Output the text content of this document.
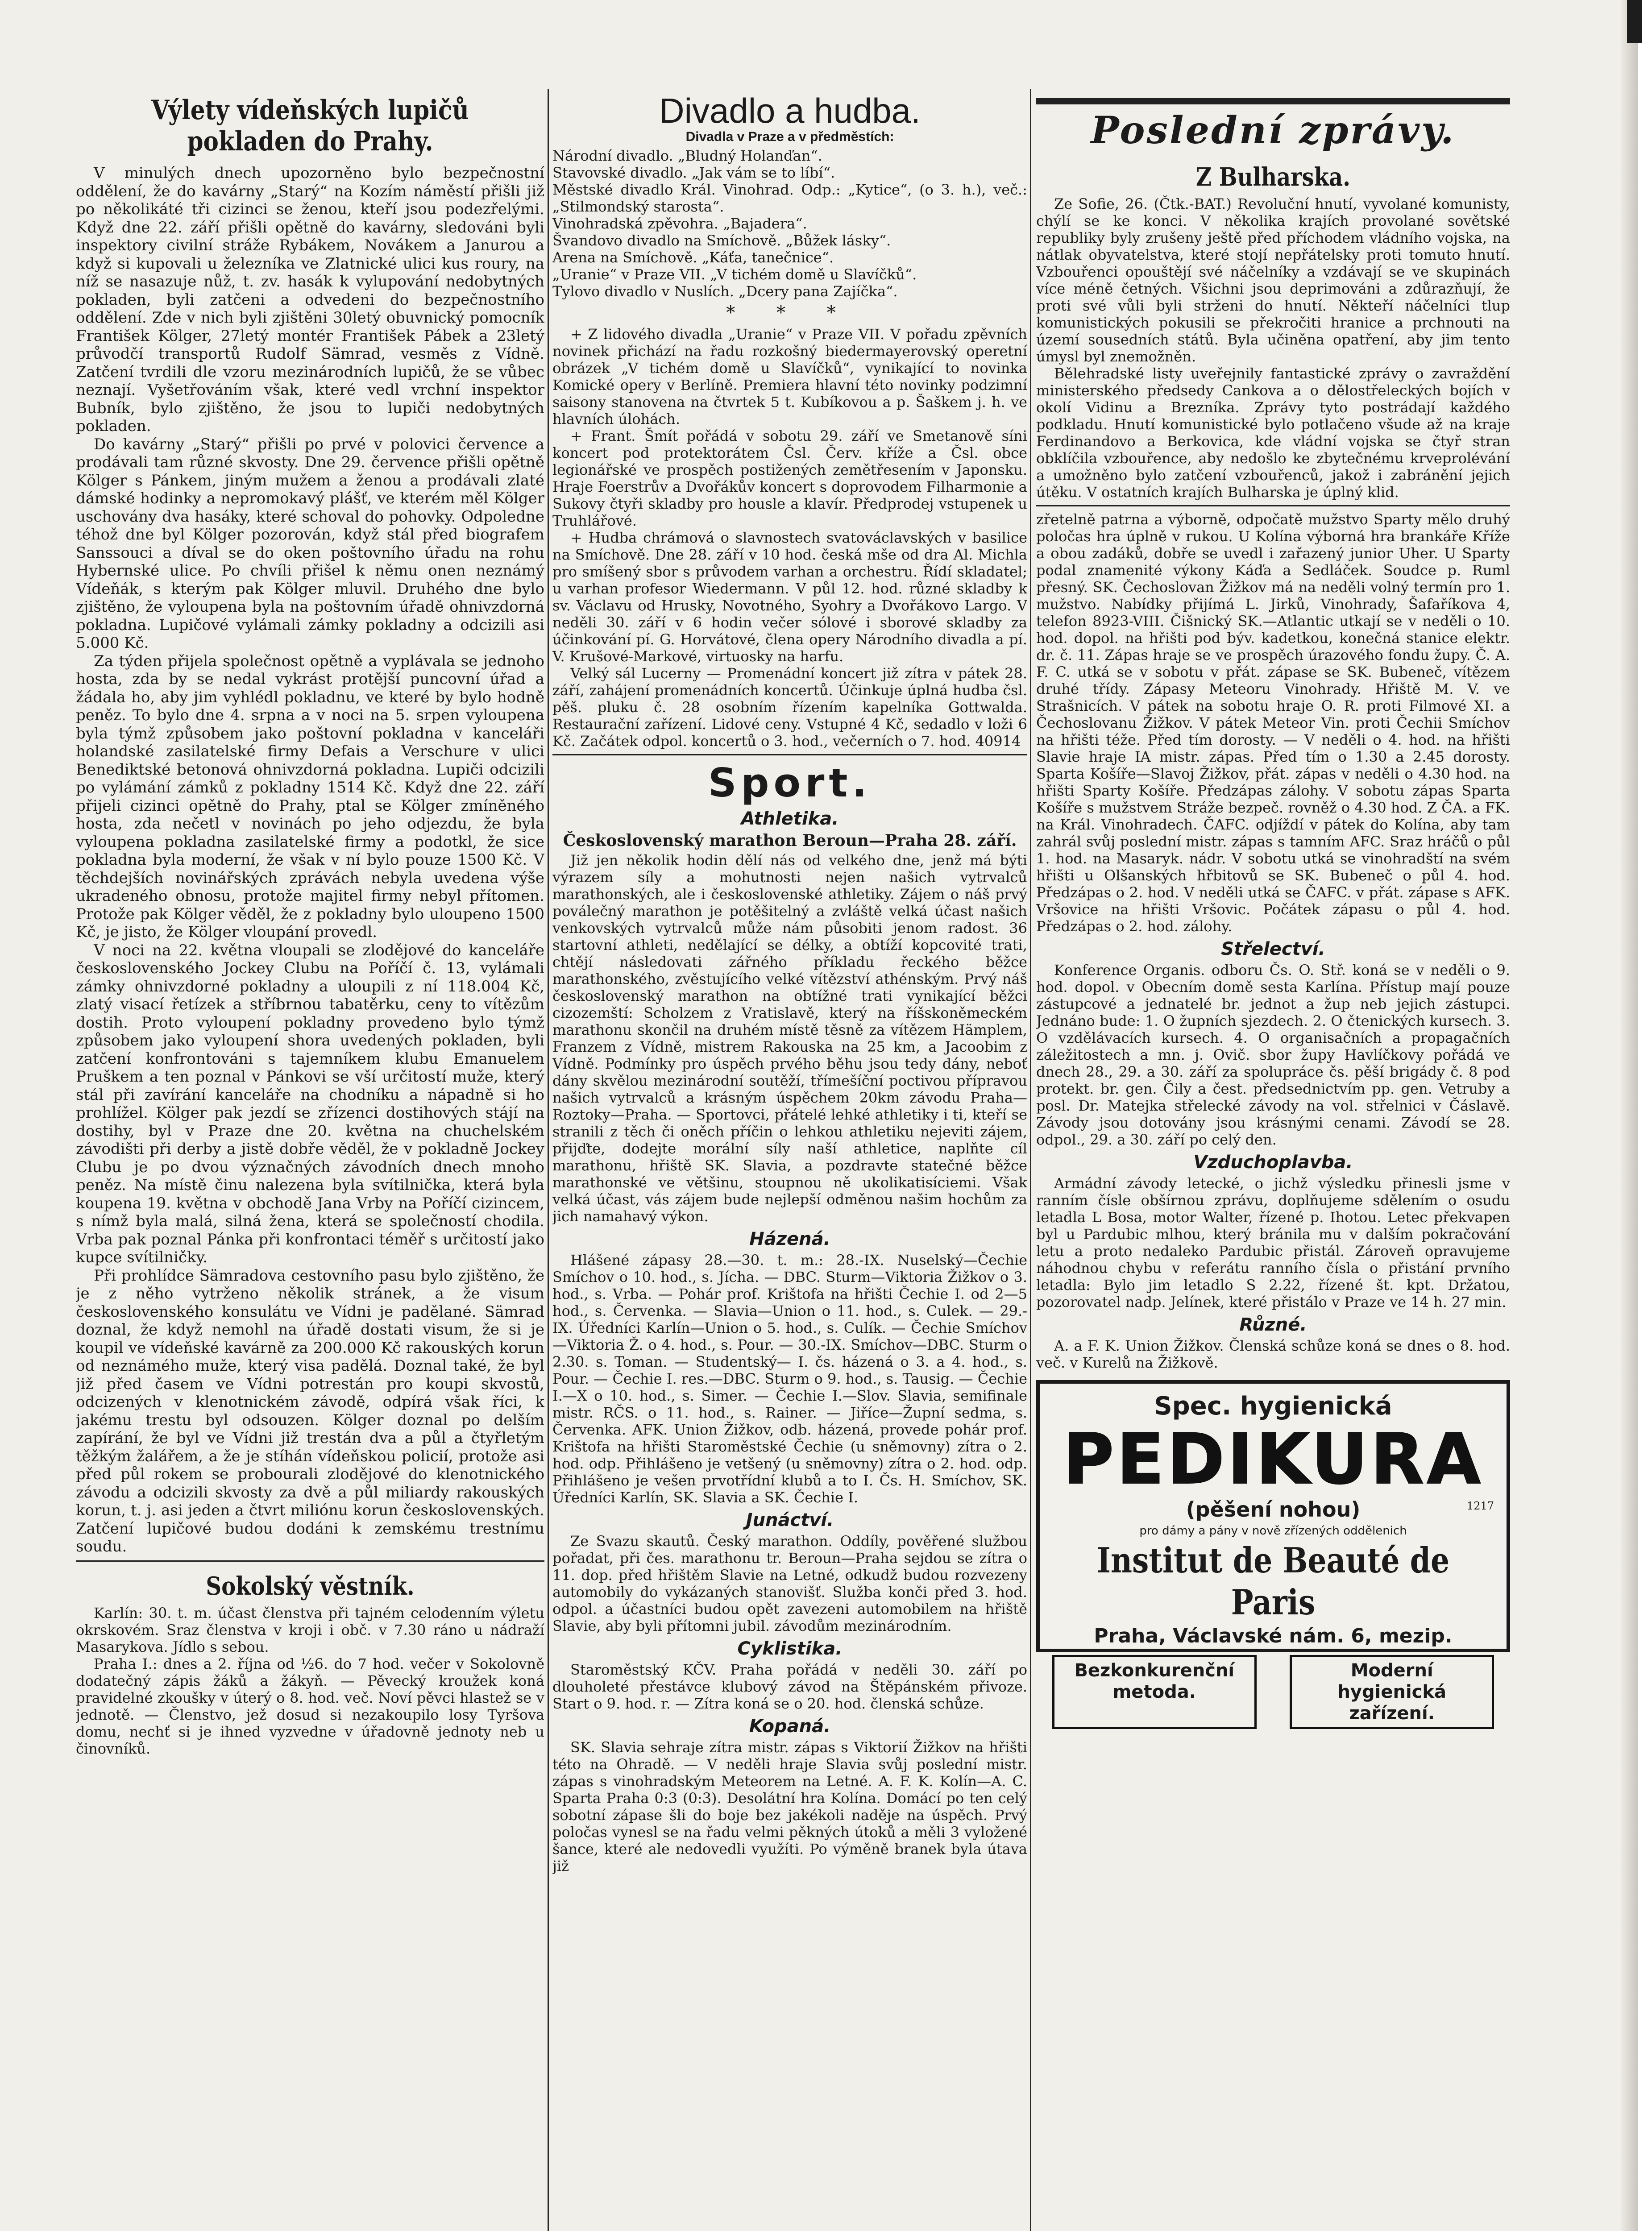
Výlety vídeňských lupičů pokladen do Prahy.

V minulých dnech upozorněno bylo bezpečnostní oddělení, že do kavárny „Starý“ na Kozím náměstí přišli již po několikáté tři cizinci se ženou, kteří jsou podezřelými. Když dne 22. září přišli opětně do kavárny, sledováni byli inspektory civilní stráže Rybákem, Novákem a Janurou a když si kupovali u železníka ve Zlatnické ulici kus roury, na níž se nasazuje nůž, t. zv. hasák k vylupování nedobytných pokladen, byli zatčeni a odvedeni do bezpečnostního oddělení. Zde v nich byli zjištěni 30letý obuvnický pomocník František Kölger, 27letý montér František Pábek a 23letý průvodčí transportů Rudolf Sämrad, vesměs z Vídně. Zatčení tvrdili dle vzoru mezinárodních lupičů, že se vůbec neznají. Vyšetřováním však, které vedl vrchní inspektor Bubník, bylo zjištěno, že jsou to lupiči nedobytných pokladen.

Do kavárny „Starý“ přišli po prvé v polovici července a prodávali tam různé skvosty. Dne 29. července přišli opětně Kölger s Pánkem, jiným mužem a ženou a prodávali zlaté dámské hodinky a nepromokavý plášť, ve kterém měl Kölger uschovány dva hasáky, které schoval do pohovky. Odpoledne téhož dne byl Kölger pozorován, když stál před biografem Sanssouci a díval se do oken poštovního úřadu na rohu Hybernské ulice. Po chvíli přišel k němu onen neznámý Vídeňák, s kterým pak Kölger mluvil. Druhého dne bylo zjištěno, že vyloupena byla na poštovním úřadě ohnivzdorná pokladna. Lupičové vylámali zámky pokladny a odcizili asi 5.000 Kč.

Za týden přijela společnost opětně a vyplávala se jednoho hosta, zda by se nedal vykrást protější puncovní úřad a žádala ho, aby jim vyhlédl pokladnu, ve které by bylo hodně peněz. To bylo dne 4. srpna a v noci na 5. srpen vyloupena byla týmž způsobem jako poštovní pokladna v kanceláři holandské zasilatelské firmy Defais a Verschure v ulici Benediktské betonová ohnivzdorná pokladna. Lupiči odcizili po vylámání zámků z pokladny 1514 Kč. Když dne 22. září přijeli cizinci opětně do Prahy, ptal se Kölger zmíněného hosta, zda nečetl v novinách po jeho odjezdu, že byla vyloupena pokladna zasilatelské firmy a podotkl, že sice pokladna byla moderní, že však v ní bylo pouze 1500 Kč. V těchdejších novinářských zprávách nebyla uvedena výše ukradeného obnosu, protože majitel firmy nebyl přítomen. Protože pak Kölger věděl, že z pokladny bylo uloupeno 1500 Kč, je jisto, že Kölger vloupání provedl.

V noci na 22. května vloupali se zlodějové do kanceláře československého Jockey Clubu na Poříčí č. 13, vylámali zámky ohnivzdorné pokladny a uloupili z ní 118.004 Kč, zlatý visací řetízek a stříbrnou tabatěrku, ceny to vítězům dostih. Proto vyloupení pokladny provedeno bylo týmž způsobem jako vyloupení shora uvedených pokladen, byli zatčení konfrontováni s tajemníkem klubu Emanuelem Pruškem a ten poznal v Pánkovi se vší určitostí muže, který stál při zavírání kanceláře na chodníku a nápadně si ho prohlížel. Kölger pak jezdí se zřízenci dostihových stájí na dostihy, byl v Praze dne 20. května na chuchelském závodišti při derby a jistě dobře věděl, že v pokladně Jockey Clubu je po dvou význačných závodních dnech mnoho peněz. Na místě činu nalezena byla svítilnička, která byla koupena 19. května v obchodě Jana Vrby na Poříčí cizincem, s nímž byla malá, silná žena, která se společností chodila. Vrba pak poznal Pánka při konfrontaci téměř s určitostí jako kupce svítilničky.

Při prohlídce Sämradova cestovního pasu bylo zjištěno, že je z něho vytrženo několik stránek, a že visum československého konsulátu ve Vídni je padělané. Sämrad doznal, že když nemohl na úřadě dostati visum, že si je koupil ve vídeňské kavárně za 200.000 Kč rakouských korun od neznámého muže, který visa padělá. Doznal také, že byl již před časem ve Vídni potrestán pro koupi skvostů, odcizených v klenotnickém závodě, odpírá však říci, k jakému trestu byl odsouzen. Kölger doznal po delším zapírání, že byl ve Vídni již trestán dva a půl a čtyřletým těžkým žalářem, a že je stíhán vídeňskou policií, protože asi před půl rokem se probourali zlodějové do klenotnického závodu a odcizili skvosty za dvě a půl miliardy rakouských korun, t. j. asi jeden a čtvrt miliónu korun československých. Zatčení lupičové budou dodáni k zemskému trestnímu soudu.

Sokolský věstník.

Karlín: 30. t. m. účast členstva při tajném celodenním výletu okrskovém. Sraz členstva v kroji i obč. v 7.30 ráno u nádraží Masarykova. Jídlo s sebou.

Praha I.: dnes a 2. října od ½6. do 7 hod. večer v Sokolovně dodatečný zápis žáků a žákyň. — Pěvecký kroužek koná pravidelné zkoušky v úterý o 8. hod. več. Noví pěvci hlastež se v jednotě. — Členstvo, jež dosud si nezakoupilo losy Tyršova domu, nechť si je ihned vyzvedne v úřadovně jednoty neb u činovníků.

Divadlo a hudba.
Divadla v Praze a v předměstích:

Národní divadlo. „Bludný Holanďan“.

Stavovské divadlo. „Jak vám se to líbí“.

Městské divadlo Král. Vinohrad. Odp.: „Kytice“, (o 3. h.), več.: „Stilmondský starosta“.

Vinohradská zpěvohra. „Bajadera“.

Švandovo divadlo na Smíchově. „Bůžek lásky“.

Arena na Smíchově. „Káťa, tanečnice“.

„Uranie“ v Praze VII. „V tichém domě u Slavíčků“.

Tylovo divadlo v Nuslích. „Dcery pana Zajíčka“.

* * *

+ Z lidového divadla „Uranie“ v Praze VII. V pořadu zpěvních novinek přichází na řadu rozkošný biedermayerovský operetní obrázek „V tichém domě u Slavíčků“, vynikající to novinka Komické opery v Berlíně. Premiera hlavní této novinky podzimní saisony stanovena na čtvrtek 5 t. Kubíkovou a p. Šaškem j. h. ve hlavních úlohách.

+ Frant. Šmít pořádá v sobotu 29. září ve Smetanově síni koncert pod protektorátem Čsl. Červ. kříže a Čsl. obce legionářské ve prospěch postižených zemětřesením v Japonsku. Hraje Foerstrův a Dvořákův koncert s doprovodem Filharmonie a Sukovy čtyři skladby pro housle a klavír. Předprodej vstupenek u Truhlářové.

+ Hudba chrámová o slavnostech svatováclavských v basilice na Smíchově. Dne 28. září v 10 hod. česká mše od dra Al. Michla pro smíšený sbor s průvodem varhan a orchestru. Řídí skladatel; u varhan profesor Wiedermann. V půl 12. hod. různé skladby k sv. Václavu od Hrusky, Novotného, Syohry a Dvořákovo Largo. V neděli 30. září v 6 hodin večer sólové i sborové skladby za účinkování pí. G. Horvátové, člena opery Národního divadla a pí. V. Krušové-Markové, virtuosky na harfu.

Velký sál Lucerny — Promenádní koncert již zítra v pátek 28. září, zahájení promenádních koncertů. Účinkuje úplná hudba čsl. pěš. pluku č. 28 osobním řízením kapelníka Gottwalda. Restaurační zařízení. Lidové ceny. Vstupné 4 Kč, sedadlo v loži 6 Kč. Začátek odpol. koncertů o 3. hod., večerních o 7. hod. 40914

Sport.
Athletika.
Československý marathon Beroun—Praha 28. září.

Již jen několik hodin dělí nás od velkého dne, jenž má býti výrazem síly a mohutnosti nejen našich vytrvalců marathonských, ale i československé athletiky. Zájem o náš prvý poválečný marathon je potěšitelný a zvláště velká účast našich venkovských vytrvalců může nám působiti jenom radost. 36 startovní athleti, nedělající se délky, a obtíží kopcovité trati, chtějí následovati zářného příkladu řeckého běžce marathonského, zvěstujícího velké vítězství athénským. Prvý náš československý marathon na obtížné trati vynikající běžci cizozemští: Scholzem z Vratislavě, který na říšskoněmeckém marathonu skončil na druhém místě těsně za vítězem Hämplem, Franzem z Vídně, mistrem Rakouska na 25 km, a Jacoobim z Vídně. Podmínky pro úspěch prvého běhu jsou tedy dány, neboť dány skvělou mezinárodní soutěží, třímešíční poctivou přípravou našich vytrvalců a krásným úspěchem 20km závodu Praha—Roztoky—Praha. — Sportovci, přátelé lehké athletiky i ti, kteří se stranili z těch či oněch příčin o lehkou athletiku nejeviti zájem, přijďte, dodejte morální síly naší athletice, naplňte cíl marathonu, hřiště SK. Slavia, a pozdravte statečné běžce marathonské ve většinu, stoupnou ně ukolikatisíciemi. Však velká účast, vás zájem bude nejlepší odměnou našim hochům za jich namahavý výkon.

Házená.

Hlášené zápasy 28.—30. t. m.: 28.-IX. Nuselský—Čechie Smíchov o 10. hod., s. Jícha. — DBC. Sturm—Viktoria Žižkov o 3. hod., s. Vrba. — Pohár prof. Krištofa na hřišti Čechie I. od 2—5 hod., s. Červenka. — Slavia—Union o 11. hod., s. Culek. — 29.-IX. Úředníci Karlín—Union o 5. hod., s. Culík. — Čechie Smíchov—Viktoria Ž. o 4. hod., s. Pour. — 30.-IX. Smíchov—DBC. Sturm o 2.30. s. Toman. — Studentský— I. čs. házená o 3. a 4. hod., s. Pour. — Čechie I. res.—DBC. Sturm o 9. hod., s. Tausig. — Čechie I.—X o 10. hod., s. Simer. — Čechie I.—Slov. Slavia, semifinale mistr. RČS. o 11. hod., s. Rainer. — Jiříce—Župní sedma, s. Červenka. AFK. Union Žižkov, odb. házená, provede pohár prof. Krištofa na hřišti Staroměstské Čechie (u sněmovny) zítra o 2. hod. odp. Přihlášeno je vetšený (u sněmovny) zítra o 2. hod. odp. Přihlášeno je vešen prvotřídní klubů a to I. Čs. H. Smíchov, SK. Úředníci Karlín, SK. Slavia a SK. Čechie I.

Junáctví.

Ze Svazu skautů. Český marathon. Oddíly, pověřené službou pořadat, při čes. marathonu tr. Beroun—Praha sejdou se zítra o 11. dop. před hřištěm Slavie na Letné, odkudž budou rozvezeny automobily do vykázaných stanovišť. Služba konči před 3. hod. odpol. a účastníci budou opět zavezeni automobilem na hřiště Slavie, aby byli přítomni jubil. závodům mezinárodním.

Cyklistika.

Staroměstský KČV. Praha pořádá v neděli 30. září po dlouholeté přestávce klubový závod na Štěpánském přivoze. Start o 9. hod. r. — Zítra koná se o 20. hod. členská schůze.

Kopaná.

SK. Slavia sehraje zítra mistr. zápas s Viktorií Žižkov na hřišti této na Ohradě. — V neděli hraje Slavia svůj poslední mistr. zápas s vinohradským Meteorem na Letné. A. F. K. Kolín—A. C. Sparta Praha 0:3 (0:3). Desolátní hra Kolína. Domácí po ten celý sobotní zápase šli do boje bez jakékoli naděje na úspěch. Prvý poločas vynesl se na řadu velmi pěkných útoků a měli 3 vyložené šance, které ale nedovedli využíti. Po výměně branek byla útava již

Poslední zprávy.
Z Bulharska.

Ze Sofie, 26. (Čtk.-BAT.) Revoluční hnutí, vyvolané komunisty, chýlí se ke konci. V několika krajích provolané sovětské republiky byly zrušeny ještě před příchodem vládního vojska, na nátlak obyvatelstva, které stojí nepřátelsky proti tomuto hnutí. Vzbouřenci opouštějí své náčelníky a vzdávají se ve skupinách více méně četných. Všichni jsou deprimováni a zdůrazňují, že proti své vůli byli strženi do hnutí. Někteří náčelníci tlup komunistických pokusili se překročiti hranice a prchnouti na území sousedních států. Byla učiněna opatření, aby jim tento úmysl byl znemožněn.

Bělehradské listy uveřejnily fantastické zprávy o zavraždění ministerského předsedy Cankova a o dělostřeleckých bojích v okolí Vidinu a Brezníka. Zprávy tyto postrádají každého podkladu. Hnutí komunistické bylo potlačeno všude až na kraje Ferdinandovo a Berkovica, kde vládní vojska se čtyř stran obklíčila vzbouřence, aby nedošlo ke zbytečnému krveprolévání a umožněno bylo zatčení vzbouřenců, jakož i zabránění jejich útěku. V ostatních krajích Bulharska je úplný klid.

zřetelně patrna a výborně, odpočatě mužstvo Sparty mělo druhý poločas hra úplně v rukou. U Kolína výborná hra brankáře Kříže a obou zadáků, dobře se uvedl i zařazený junior Uher. U Sparty podal znamenité výkony Káďa a Sedláček. Soudce p. Ruml přesný. SK. Čechoslovan Žižkov má na neděli volný termín pro 1. mužstvo. Nabídky přijímá L. Jirků, Vinohrady, Šafaříkova 4, telefon 8923-VIII. Čišnický SK.—Atlantic utkají se v neděli o 10. hod. dopol. na hřišti pod býv. kadetkou, konečná stanice elektr. dr. č. 11. Zápas hraje se ve prospěch úrazového fondu župy. Č. A. F. C. utká se v sobotu v přát. zápase se SK. Bubeneč, vítězem druhé třídy. Zápasy Meteoru Vinohrady. Hřiště M. V. ve Strašnicích. V pátek na sobotu hraje O. R. proti Filmové XI. a Čechoslovanu Žižkov. V pátek Meteor Vin. proti Čechii Smíchov na hřišti téže. Před tím dorosty. — V neděli o 4. hod. na hřišti Slavie hraje IA mistr. zápas. Před tím o 1.30 a 2.45 dorosty. Sparta Košíře—Slavoj Žižkov, přát. zápas v neděli o 4.30 hod. na hřišti Sparty Košíře. Předzápas zálohy. V sobotu zápas Sparta Košíře s mužstvem Stráže bezpeč. rovněž o 4.30 hod. Z ČA. a FK. na Král. Vinohradech. ČAFC. odjíždí v pátek do Kolína, aby tam zahrál svůj poslední mistr. zápas s tamním AFC. Sraz hráčů o půl 1. hod. na Masaryk. nádr. V sobotu utká se vinohradští na svém hřišti u Olšanských hřbitovů se SK. Bubeneč o půl 4. hod. Předzápas o 2. hod. V neděli utká se ČAFC. v přát. zápase s AFK. Vršovice na hřišti Vršovic. Počátek zápasu o půl 4. hod. Předzápas o 2. hod. zálohy.

Střelectví.

Konference Organis. odboru Čs. O. Stř. koná se v neděli o 9. hod. dopol. v Obecním domě sesta Karlína. Přístup mají pouze zástupcové a jednatelé br. jednot a žup neb jejich zástupci. Jednáno bude: 1. O župních sjezdech. 2. O čtenických kursech. 3. O vzdělávacích kursech. 4. O organisačních a propagačních záležitostech a mn. j. Ovič. sbor župy Havlíčkovy pořádá ve dnech 28., 29. a 30. září za spolupráce čs. pěší brigády č. 8 pod protekt. br. gen. Čily a čest. předsednictvím pp. gen. Vetruby a posl. Dr. Matejka střelecké závody na vol. střelnici v Čáslavě. Závody jsou dotovány jsou krásnými cenami. Závodí se 28. odpol., 29. a 30. září po celý den.

Vzduchoplavba.

Armádní závody letecké, o jichž výsledku přinesli jsme v ranním čísle obšírnou zprávu, doplňujeme sdělením o osudu letadla L Bosa, motor Walter, řízené p. Ihotou. Letec překvapen byl u Pardubic mlhou, který bránila mu v dalším pokračování letu a proto nedaleko Pardubic přistál. Zároveň opravujeme náhodnou chybu v referátu ranního čísla o přistání prvního letadla: Bylo jim letadlo S 2.22, řízené št. kpt. Držatou, pozorovatel nadp. Jelínek, které přistálo v Praze ve 14 h. 27 min.

Různé.

A. a F. K. Union Žižkov. Členská schůze koná se dnes o 8. hod. več. v Kurelů na Žižkově.

Spec. hygienická
PEDIKURA
(pěšení nohou)	1217
pro dámy a pány v nově zřízených oddělenich
Institut de Beauté de Paris
Praha, Václavské nám. 6, mezip.
Bezkonkurenční metoda.
Moderní hygienická zařízení.
